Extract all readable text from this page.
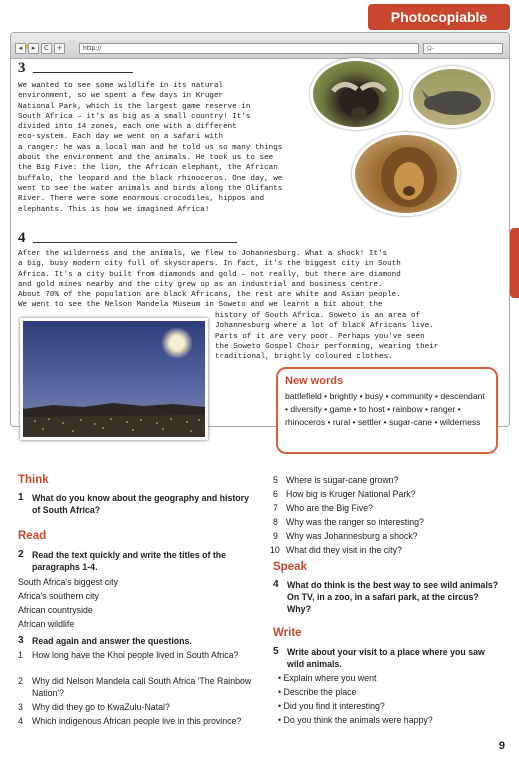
Photocopiable
◂	▸	C	+	http://	Q-
3
We wanted to see some wildlife in its natural
environment, so we spent a few days in Kruger
National Park, which is the largest game reserve in
South Africa – it's as big as a small country! It's
divided into 14 zones, each one with a different
eco-system. Each day we went on a safari with
a ranger: he was a local man and he told us so many things
about the environment and the animals. He took us to see
the Big Five: the lion, the African elephant, the African
buffalo, the leopard and the black rhinoceros. One day, we
went to see the water animals and birds along the Olifants
River. There were some enormous crocodiles, hippos and
elephants. This is how we imagined Africa!
4
After the wilderness and the animals, we flew to Johannesburg. What a shock! It's
a big, busy modern city full of skyscrapers. In fact, it's the biggest city in South
Africa. It's a city built from diamonds and gold – not really, but there are diamond
and gold mines nearby and the city grew up as an industrial and business centre.
About 70% of the population are black Africans, the rest are white and Asian people.
We went to see the Nelson Mandela Museum in Soweto and we learnt a bit about the
history of South Africa. Soweto is an area of
Johannesburg where a lot of black Africans live.
Parts of it are very poor. Perhaps you've seen
the Soweto Gospel Choir performing, wearing their
traditional, brightly coloured clothes.
New words
battlefield • brightly • busy • community • descendant • diversity • game • to host • rainbow • ranger • rhinoceros • rural • settler • sugar-cane • wilderness
Think
1 What do you know about the geography and history of South Africa?
Read
2 Read the text quickly and write the titles of the paragraphs 1-4.
South Africa's biggest city
Africa's southern city
African countryside
African wildlife
3 Read again and answer the questions.
1 How long have the Khoi people lived in South Africa?
2 Why did Nelson Mandela call South Africa 'The Rainbow Nation'?
3 Why did they go to KwaZulu-Natal?
4 Which indigenous African people live in this province?
5 Where is sugar-cane grown?
6 How big is Kruger National Park?
7 Who are the Big Five?
8 Why was the ranger so interesting?
9 Why was Johannesburg a shock?
10 What did they visit in the city?
Speak
4 What do think is the best way to see wild animals? On TV, in a zoo, in a safari park, at the circus? Why?
Write
5 Write about your visit to a place where you saw wild animals.
• Explain where you went
• Describe the place
• Did you find it interesting?
• Do you think the animals were happy?
9
